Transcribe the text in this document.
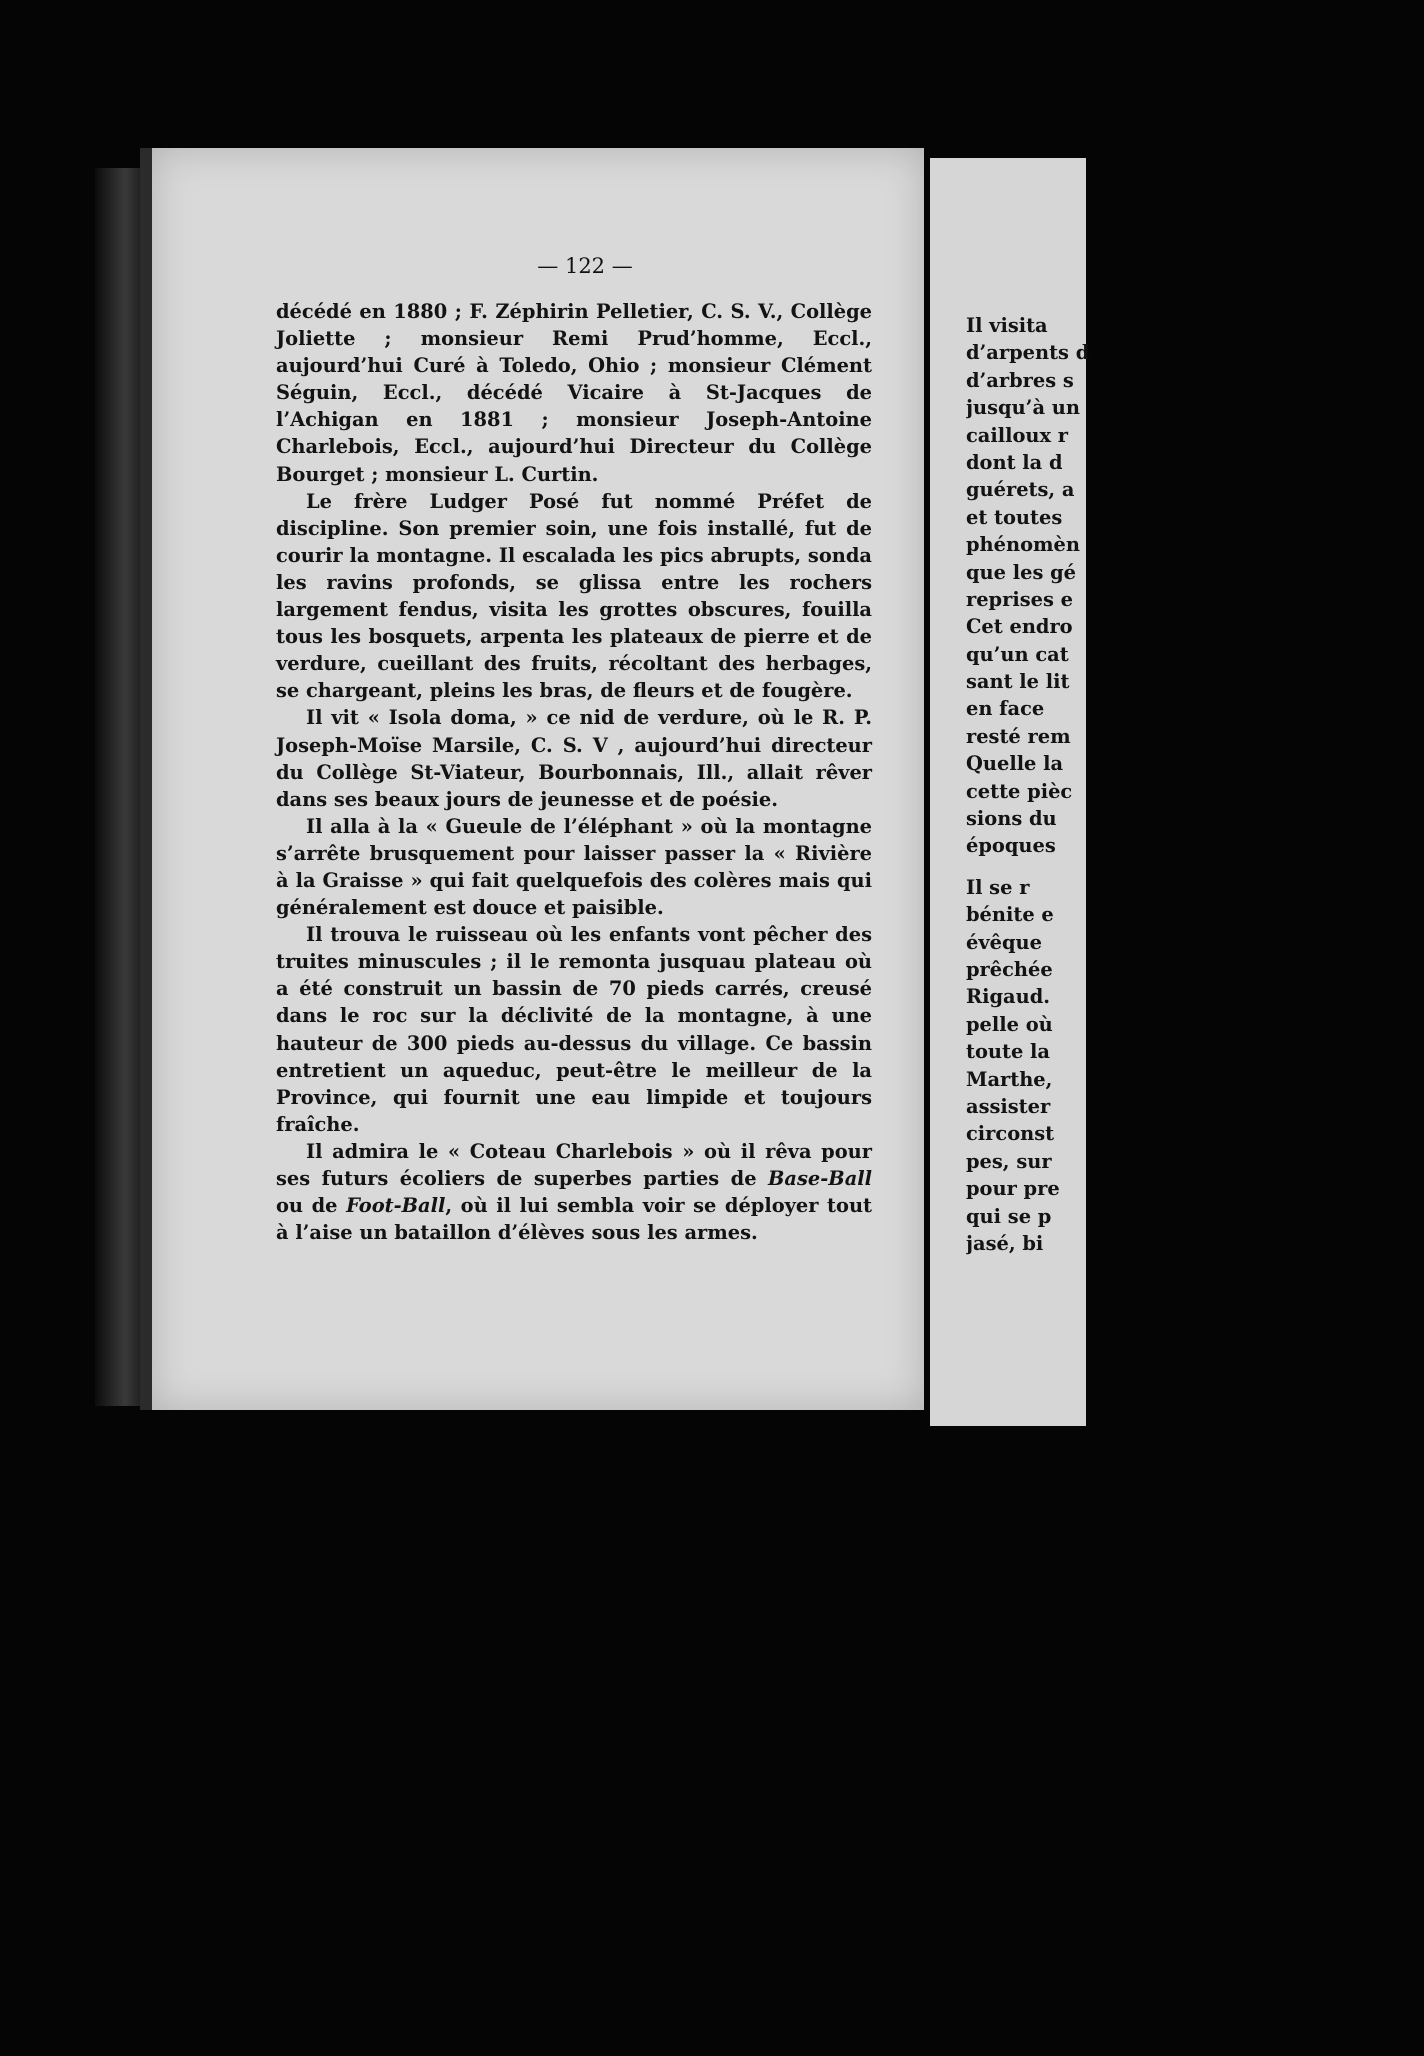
— 122 —

décédé en 1880 ; F. Zéphirin Pelletier, C. S. V., Collège Joliette ; monsieur Remi Prud’homme, Eccl., aujourd’hui Curé à Toledo, Ohio ; monsieur Clément Séguin, Eccl., décédé Vicaire à St-Jacques de l’Achigan en 1881 ; monsieur Joseph-Antoine Charlebois, Eccl., aujourd’hui Directeur du Collège Bourget ; monsieur L. Curtin.

Le frère Ludger Posé fut nommé Préfet de discipline. Son premier soin, une fois installé, fut de courir la montagne. Il escalada les pics abrupts, sonda les ravins profonds, se glissa entre les rochers largement fendus, visita les grottes obscures, fouilla tous les bosquets, arpenta les plateaux de pierre et de verdure, cueillant des fruits, récoltant des herbages, se chargeant, pleins les bras, de fleurs et de fougère.

Il vit « Isola doma, » ce nid de verdure, où le R. P. Joseph-Moïse Marsile, C. S. V , aujourd’hui directeur du Collège St-Viateur, Bourbonnais, Ill., allait rêver dans ses beaux jours de jeunesse et de poésie.

Il alla à la « Gueule de l’éléphant » où la montagne s’arrête brusquement pour laisser passer la « Rivière à la Graisse » qui fait quelquefois des colères mais qui généralement est douce et paisible.

Il trouva le ruisseau où les enfants vont pêcher des truites minuscules ; il le remonta jusquau plateau où a été construit un bassin de 70 pieds carrés, creusé dans le roc sur la déclivité de la montagne, à une hauteur de 300 pieds au-dessus du village. Ce bassin entretient un aqueduc, peut-être le meilleur de la Province, qui fournit une eau limpide et toujours fraîche.

Il admira le « Coteau Charlebois » où il rêva pour ses futurs écoliers de superbes parties de Base-Ball ou de Foot-Ball, où il lui sembla voir se déployer tout à l’aise un bataillon d’élèves sous les armes.

Il visita
d’arpents d
d’arbres s
jusqu’à un
cailloux r
dont la d
guérets, a
et toutes
phénomèn
que les gé
reprises e
Cet endro
qu’un cat
sant le lit
en face
resté rem
Quelle la
cette pièc
sions du
époques
Il se r
bénite e
évêque
prêchée
Rigaud.
pelle où
toute la
Marthe,
assister
circonst
pes, sur
pour pre
qui se p
jasé, bi
